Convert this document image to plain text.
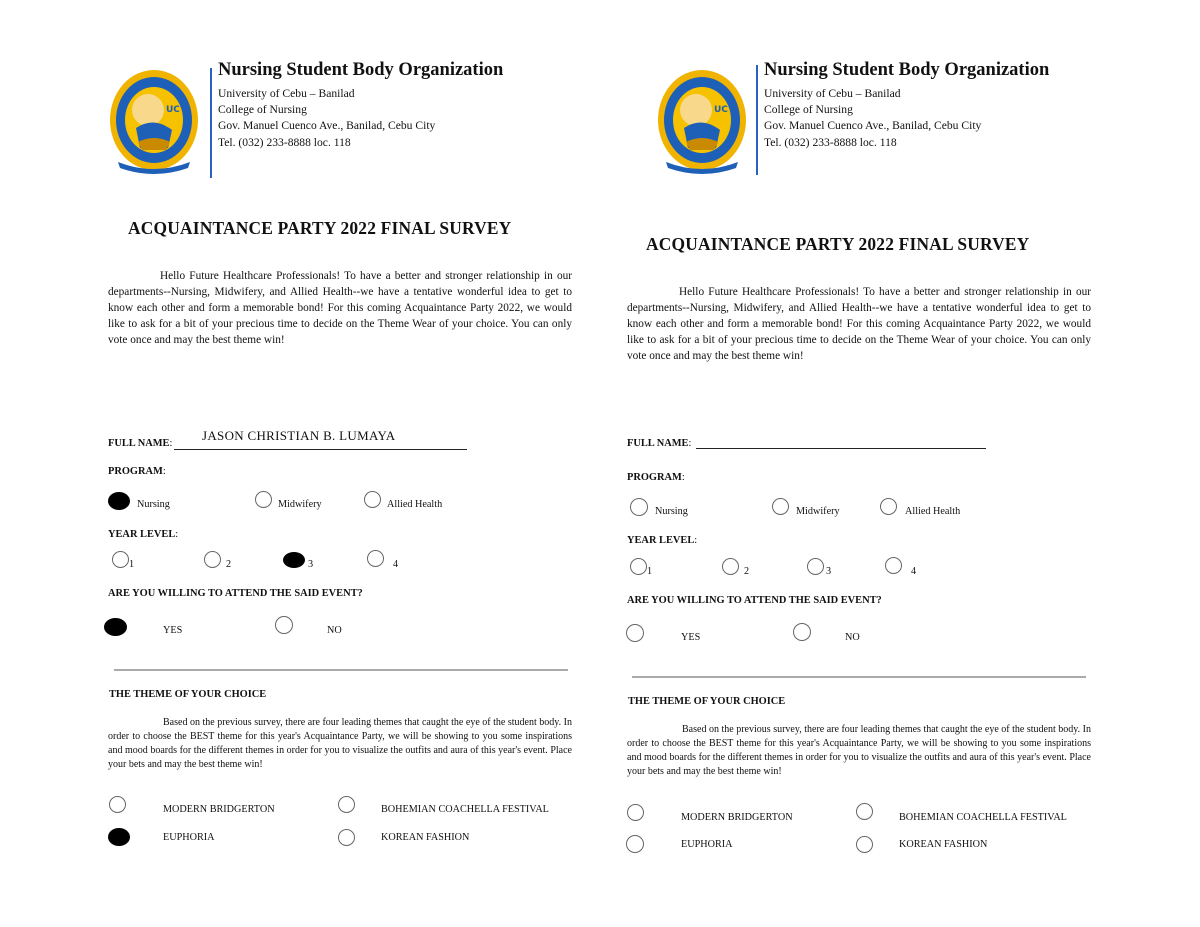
UC
Nursing Student Body Organization
University of Cebu – Banilad
College of Nursing
Gov. Manuel Cuenco Ave., Banilad, Cebu City
Tel. (032) 233-8888 loc. 118
ACQUAINTANCE PARTY 2022 FINAL SURVEY
Hello Future Healthcare Professionals! To have a better and stronger relationship in our departments--Nursing, Midwifery, and Allied Health--we have a tentative wonderful idea to get to know each other and form a memorable bond! For this coming Acquaintance Party 2022, we would like to ask for a bit of your precious time to decide on the Theme Wear of your choice. You can only vote once and may the best theme win!
FULL NAME:
JASON CHRISTIAN B. LUMAYA
PROGRAM:
Nursing	Midwifery	Allied Health
YEAR LEVEL:
1	2	3	4
ARE YOU WILLING TO ATTEND THE SAID EVENT?
YES	NO
THE THEME OF YOUR CHOICE
Based on the previous survey, there are four leading themes that caught the eye of the student body. In order to choose the BEST theme for this year's Acquaintance Party, we will be showing to you some inspirations and mood boards for the different themes in order for you to visualize the outfits and aura of this year's event. Place your bets and may the best theme win!
MODERN BRIDGERTON	BOHEMIAN COACHELLA FESTIVAL
EUPHORIA	KOREAN FASHION
UC
Nursing Student Body Organization
University of Cebu – Banilad
College of Nursing
Gov. Manuel Cuenco Ave., Banilad, Cebu City
Tel. (032) 233-8888 loc. 118
ACQUAINTANCE PARTY 2022 FINAL SURVEY
Hello Future Healthcare Professionals! To have a better and stronger relationship in our departments--Nursing, Midwifery, and Allied Health--we have a tentative wonderful idea to get to know each other and form a memorable bond! For this coming Acquaintance Party 2022, we would like to ask for a bit of your precious time to decide on the Theme Wear of your choice. You can only vote once and may the best theme win!
FULL NAME:
PROGRAM:
Nursing	Midwifery	Allied Health
YEAR LEVEL:
1	2	3	4
ARE YOU WILLING TO ATTEND THE SAID EVENT?
YES	NO
THE THEME OF YOUR CHOICE
Based on the previous survey, there are four leading themes that caught the eye of the student body. In order to choose the BEST theme for this year's Acquaintance Party, we will be showing to you some inspirations and mood boards for the different themes in order for you to visualize the outfits and aura of this year's event. Place your bets and may the best theme win!
MODERN BRIDGERTON	BOHEMIAN COACHELLA FESTIVAL
EUPHORIA	KOREAN FASHION
